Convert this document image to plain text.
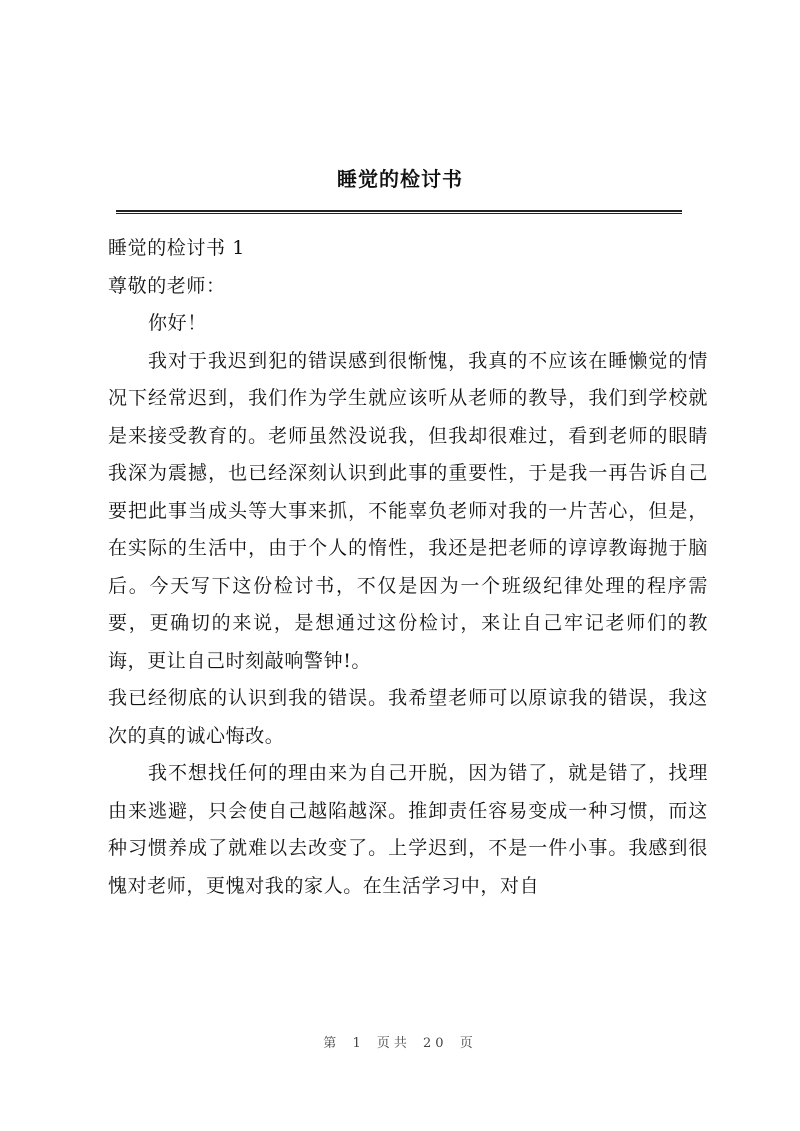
睡觉的检讨书

睡觉的检讨书 1

尊敬的老师：

你好！

我对于我迟到犯的错误感到很惭愧，我真的不应该在睡懒觉的情况下经常迟到，我们作为学生就应该听从老师的教导，我们到学校就是来接受教育的。老师虽然没说我，但我却很难过，看到老师的眼睛我深为震撼，也已经深刻认识到此事的重要性，于是我一再告诉自己要把此事当成头等大事来抓，不能辜负老师对我的一片苦心，但是，在实际的生活中，由于个人的惰性，我还是把老师的谆谆教诲抛于脑后。今天写下这份检讨书，不仅是因为一个班级纪律处理的程序需要，更确切的来说，是想通过这份检讨，来让自己牢记老师们的教诲，更让自己时刻敲响警钟!。

我已经彻底的认识到我的错误。我希望老师可以原谅我的错误，我这次的真的诚心悔改。

我不想找任何的理由来为自己开脱，因为错了，就是错了，找理由来逃避，只会使自己越陷越深。推卸责任容易变成一种习惯，而这种习惯养成了就难以去改变了。上学迟到，不是一件小事。我感到很愧对老师，更愧对我的家人。在生活学习中，对自

第 1 页共 20 页
